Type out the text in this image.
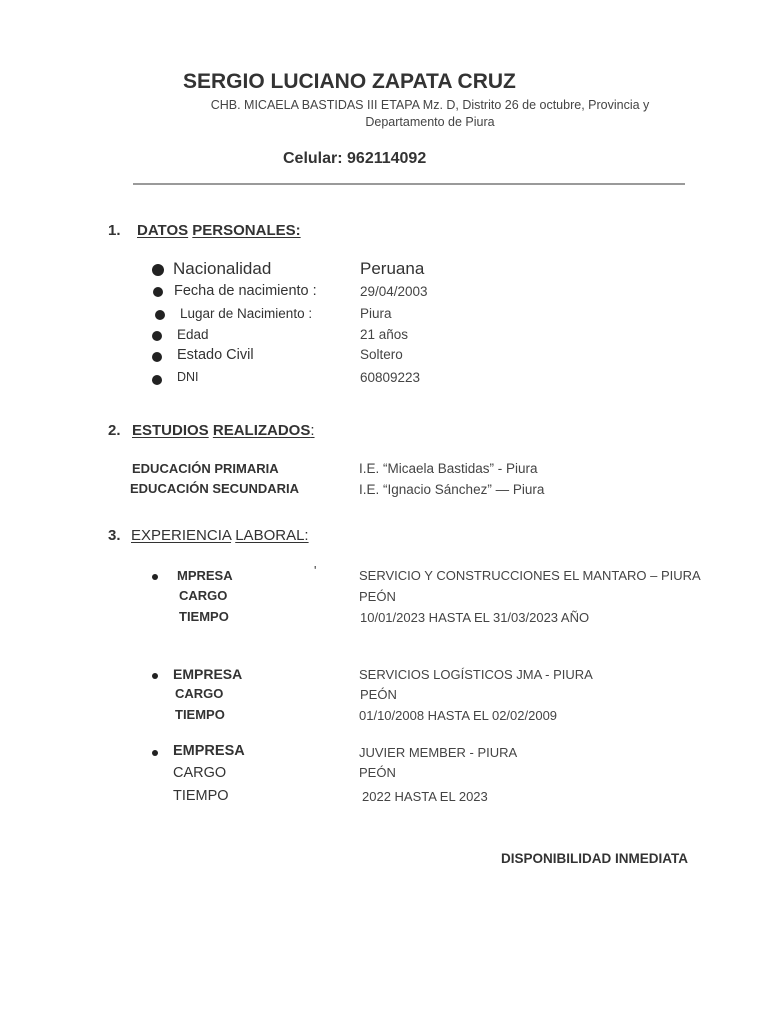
SERGIO LUCIANO ZAPATA CRUZ
CHB. MICAELA BASTIDAS III ETAPA Mz. D, Distrito 26 de octubre, Provincia y Departamento de Piura
Celular: 962114092
1. DATOS PERSONALES:
Nacionalidad	Peruana
Fecha de nacimiento :	29/04/2003
Lugar de Nacimiento :	Piura
Edad	21 años
Estado Civil	Soltero
DNI	60809223
2. ESTUDIOS REALIZADOS:
EDUCACIÓN PRIMARIA	I.E. “Micaela Bastidas” - Piura
EDUCACIÓN SECUNDARIA	I.E. “Ignacio Sánchez” — Piura
3. EXPERIENCIA LABORAL:
MPRESA	'	SERVICIO Y CONSTRUCCIONES EL MANTARO – PIURA
CARGO	PEÓN
TIEMPO	10/01/2023 HASTA EL 31/03/2023 AÑO
EMPRESA	SERVICIOS LOGÍSTICOS JMA - PIURA
CARGO	PEÓN
TIEMPO	01/10/2008 HASTA EL 02/02/2009
EMPRESA	JUVIER MEMBER - PIURA
CARGO	PEÓN
TIEMPO	2022 HASTA EL 2023
DISPONIBILIDAD INMEDIATA
